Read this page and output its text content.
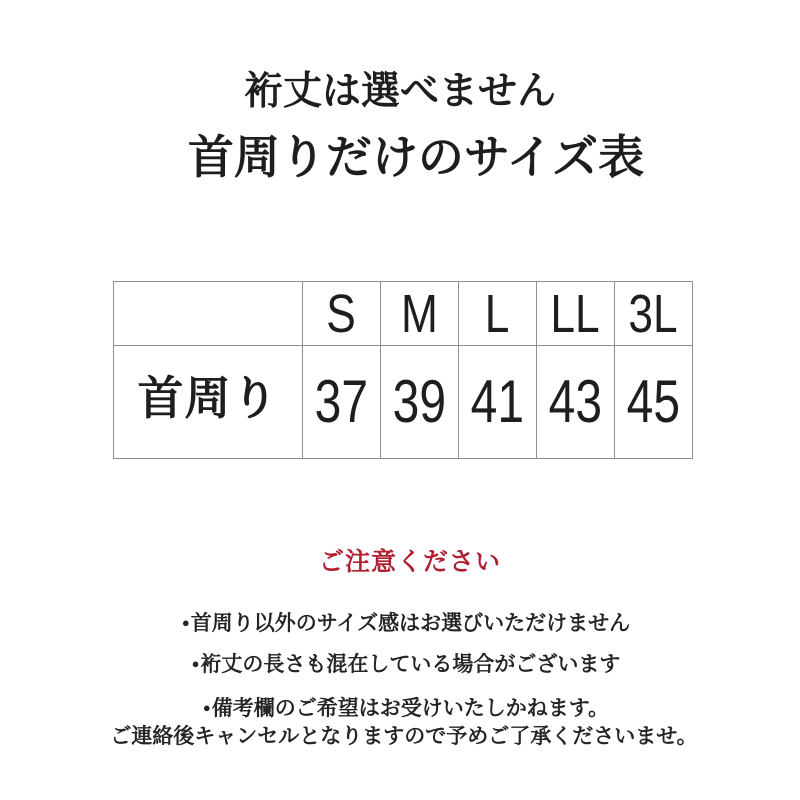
裄丈は選べません
首周りだけのサイズ表
	S	M	L	LL	3L
首周り	37	39	41	43	45
ご注意ください
●首周り以外のサイズ感はお選びいただけません
●裄丈の長さも混在している場合がございます
●備考欄のご希望はお受けいたしかねます。
ご連絡後キャンセルとなりますので予めご了承くださいませ。
